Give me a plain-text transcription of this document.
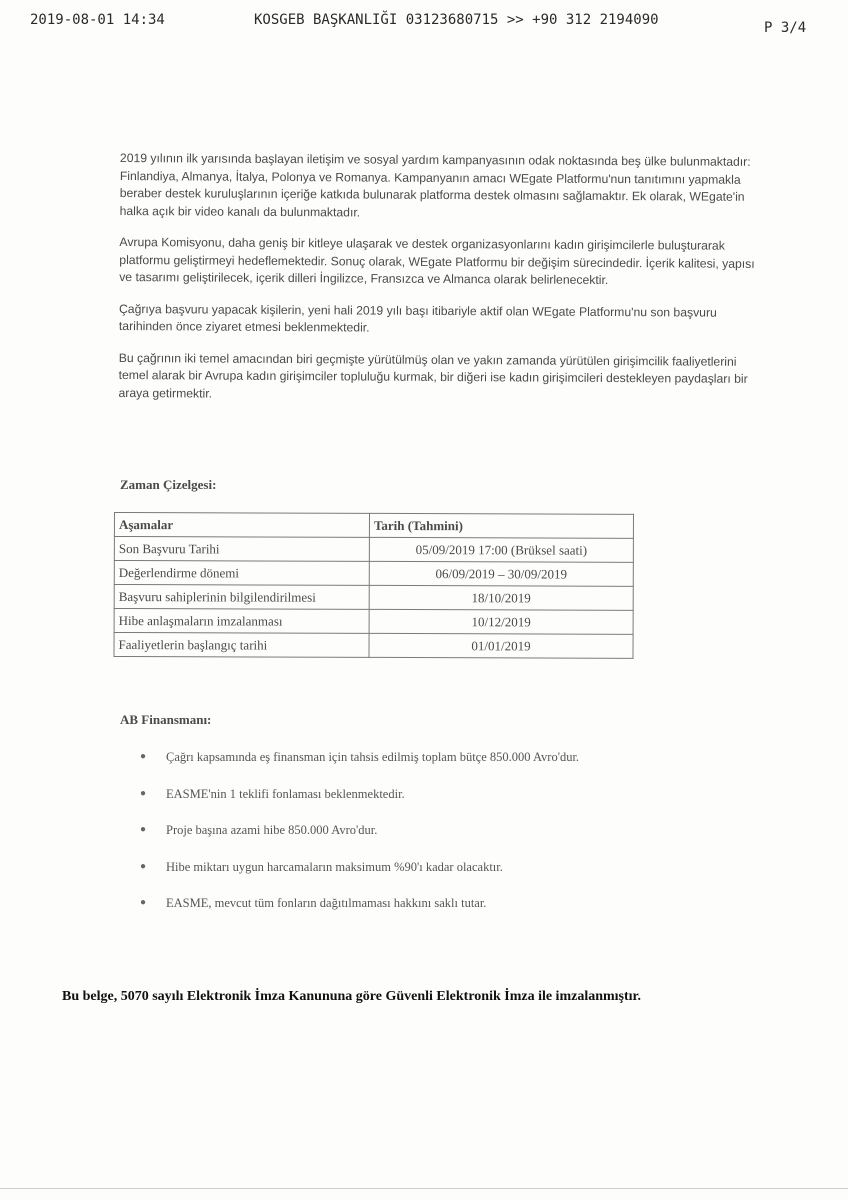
2019-08-01 14:34	KOSGEB BAŞKANLIĞI 03123680715 >> +90 312 2194090	P 3/4

2019 yılının ilk yarısında başlayan iletişim ve sosyal yardım kampanyasının odak noktasında beş ülke bulunmaktadır: Finlandiya, Almanya, İtalya, Polonya ve Romanya. Kampanyanın amacı WEgate Platformu'nun tanıtımını yapmakla beraber destek kuruluşlarının içeriğe katkıda bulunarak platforma destek olmasını sağlamaktır. Ek olarak, WEgate'in halka açık bir video kanalı da bulunmaktadır.

Avrupa Komisyonu, daha geniş bir kitleye ulaşarak ve destek organizasyonlarını kadın girişimcilerle buluşturarak platformu geliştirmeyi hedeflemektedir. Sonuç olarak, WEgate Platformu bir değişim sürecindedir. İçerik kalitesi, yapısı ve tasarımı geliştirilecek, içerik dilleri İngilizce, Fransızca ve Almanca olarak belirlenecektir.

Çağrıya başvuru yapacak kişilerin, yeni hali 2019 yılı başı itibariyle aktif olan WEgate Platformu'nu son başvuru tarihinden önce ziyaret etmesi beklenmektedir.

Bu çağrının iki temel amacından biri geçmişte yürütülmüş olan ve yakın zamanda yürütülen girişimcilik faaliyetlerini temel alarak bir Avrupa kadın girişimciler topluluğu kurmak, bir diğeri ise kadın girişimcileri destekleyen paydaşları bir araya getirmektir.

Zaman Çizelgesi:
Aşamalar	Tarih (Tahmini)
Son Başvuru Tarihi	05/09/2019 17:00 (Brüksel saati)
Değerlendirme dönemi	06/09/2019 – 30/09/2019
Başvuru sahiplerinin bilgilendirilmesi	18/10/2019
Hibe anlaşmaların imzalanması	10/12/2019
Faaliyetlerin başlangıç tarihi	01/01/2019
AB Finansmanı:
● Çağrı kapsamında eş finansman için tahsis edilmiş toplam bütçe 850.000 Avro'dur.
● EASME'nin 1 teklifi fonlaması beklenmektedir.
● Proje başına azami hibe 850.000 Avro'dur.
● Hibe miktarı uygun harcamaların maksimum %90'ı kadar olacaktır.
● EASME, mevcut tüm fonların dağıtılmaması hakkını saklı tutar.
Bu belge, 5070 sayılı Elektronik İmza Kanununa göre Güvenli Elektronik İmza ile imzalanmıştır.
